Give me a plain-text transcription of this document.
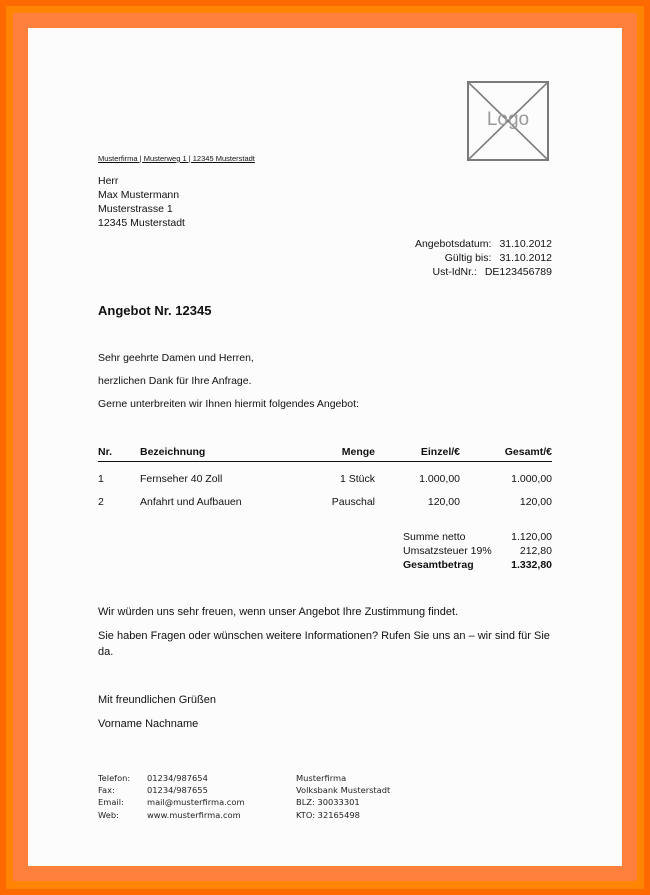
Logo
Musterfirma | Musterweg 1 | 12345 Musterstadt
Herr
Max Mustermann
Musterstrasse 1
12345 Musterstadt
Angebotsdatum: 31.10.2012
Gültig bis: 31.10.2012
Ust-IdNr.: DE123456789
Angebot Nr. 12345
Sehr geehrte Damen und Herren,
herzlichen Dank für Ihre Anfrage.
Gerne unterbreiten wir Ihnen hiermit folgendes Angebot:
Nr.	Bezeichnung	Menge	Einzel/€	Gesamt/€
1	Fernseher 40 Zoll	1 Stück	1.000,00	1.000,00
2	Anfahrt und Aufbauen	Pauschal	120,00	120,00
Summe netto	1.120,00
Umsatzsteuer 19%	212,80
Gesamtbetrag	1.332,80
Wir würden uns sehr freuen, wenn unser Angebot Ihre Zustimmung findet.
Sie haben Fragen oder wünschen weitere Informationen? Rufen Sie uns an – wir sind für Sie da.
Mit freundlichen Grüßen
Vorname Nachname
Telefon:	01234/987654
Fax:	01234/987655
Email:	mail@musterfirma.com
Web:	www.musterfirma.com
Musterfirma
Volksbank Musterstadt
BLZ: 30033301
KTO: 32165498
